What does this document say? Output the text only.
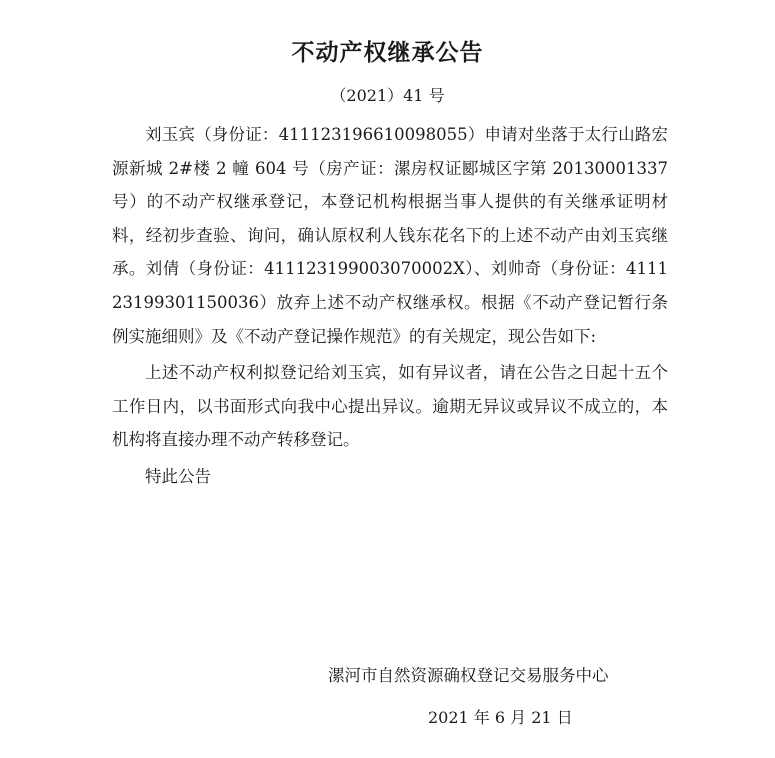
不动产权继承公告

（2021）41 号

刘玉宾（身份证：411123196610098055）申请对坐落于太行山路宏源新城 2#楼 2 幢 604 号（房产证：漯房权证郾城区字第 20130001337 号）的不动产权继承登记，本登记机构根据当事人提供的有关继承证明材料，经初步查验、询问，确认原权利人钱东花名下的上述不动产由刘玉宾继承。刘倩（身份证：411123199003070002X）、刘帅奇（身份证：411123199301150036）放弃上述不动产权继承权。根据《不动产登记暂行条例实施细则》及《不动产登记操作规范》的有关规定，现公告如下:

上述不动产权利拟登记给刘玉宾，如有异议者，请在公告之日起十五个工作日内，以书面形式向我中心提出异议。逾期无异议或异议不成立的，本机构将直接办理不动产转移登记。

特此公告

漯河市自然资源确权登记交易服务中心

2021 年 6 月 21 日
